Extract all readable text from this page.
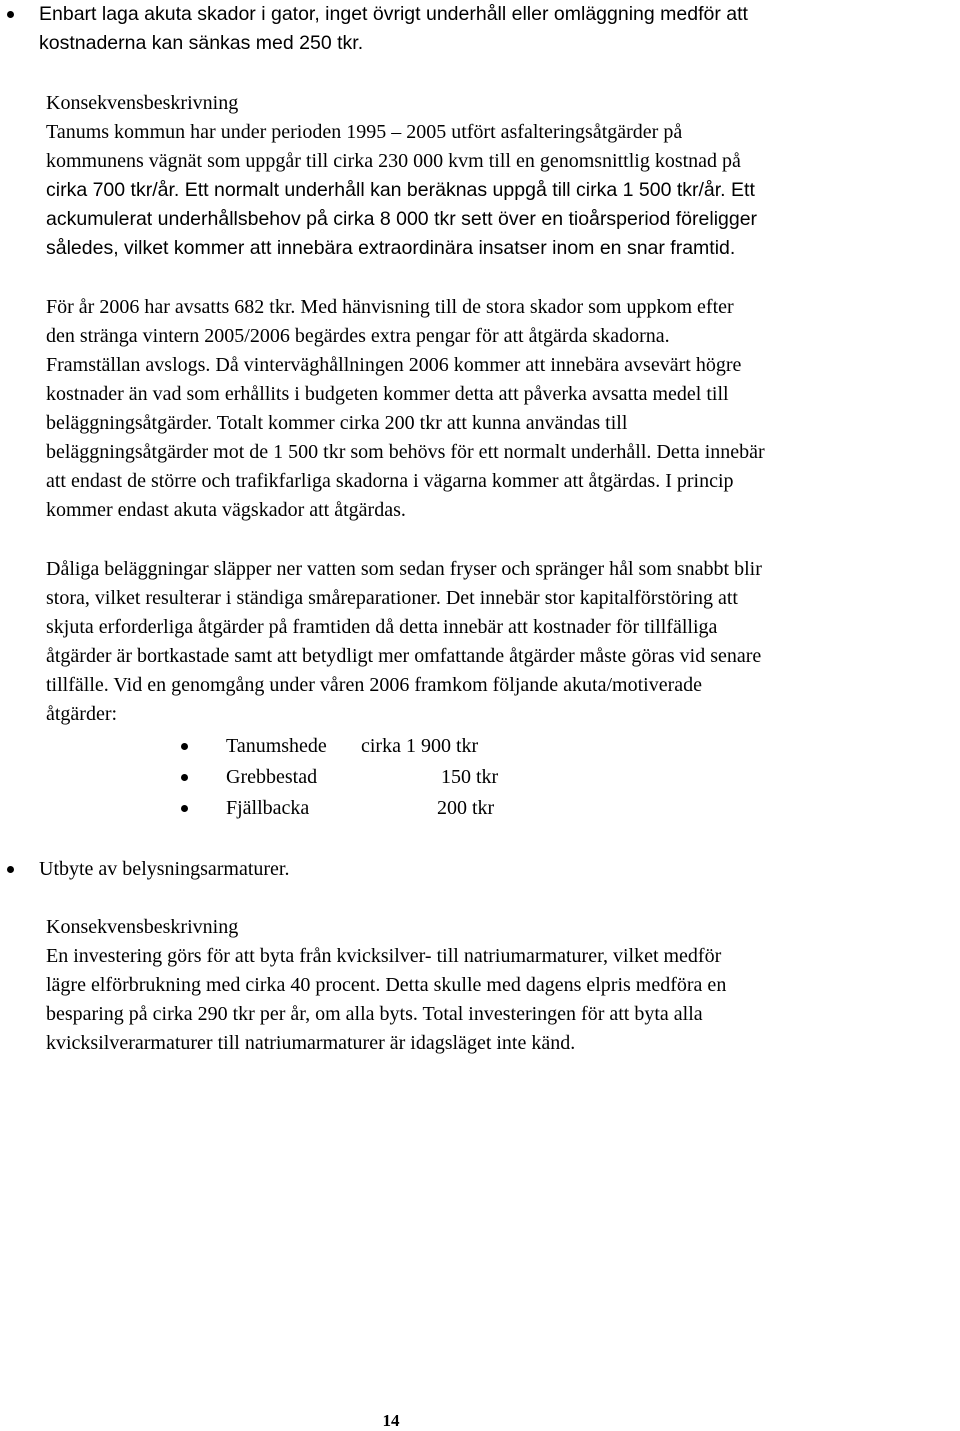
Enbart laga akuta skador i gator, inget övrigt underhåll eller omläggning medför att
kostnaderna kan sänkas med 250 tkr.
Konsekvensbeskrivning
Tanums kommun har under perioden 1995 – 2005 utfört asfalteringsåtgärder på
kommunens vägnät som uppgår till cirka 230 000 kvm till en genomsnittlig kostnad på
cirka 700 tkr/år. Ett normalt underhåll kan beräknas uppgå till cirka 1 500 tkr/år. Ett
ackumulerat underhållsbehov på cirka 8 000 tkr sett över en tioårsperiod föreligger
således, vilket kommer att innebära extraordinära insatser inom en snar framtid.
För år 2006 har avsatts 682 tkr. Med hänvisning till de stora skador som uppkom efter
den stränga vintern 2005/2006 begärdes extra pengar för att åtgärda skadorna.
Framställan avslogs. Då vinterväghållningen 2006 kommer att innebära avsevärt högre
kostnader än vad som erhållits i budgeten kommer detta att påverka avsatta medel till
beläggningsåtgärder. Totalt kommer cirka 200 tkr att kunna användas till
beläggningsåtgärder mot de 1 500 tkr som behövs för ett normalt underhåll. Detta innebär
att endast de större och trafikfarliga skadorna i vägarna kommer att åtgärdas. I princip
kommer endast akuta vägskador att åtgärdas.
Dåliga beläggningar släpper ner vatten som sedan fryser och spränger hål som snabbt blir
stora, vilket resulterar i ständiga småreparationer. Det innebär stor kapitalförstöring att
skjuta erforderliga åtgärder på framtiden då detta innebär att kostnader för tillfälliga
åtgärder är bortkastade samt att betydligt mer omfattande åtgärder måste göras vid senare
tillfälle. Vid en genomgång under våren 2006 framkom följande akuta/motiverade
åtgärder:
Tanumshede cirka 1 900 tkr
Grebbestad	150 tkr
Fjällbacka	200 tkr
Utbyte av belysningsarmaturer.
Konsekvensbeskrivning
En investering görs för att byta från kvicksilver- till natriumarmaturer, vilket medför
lägre elförbrukning med cirka 40 procent. Detta skulle med dagens elpris medföra en
besparing på cirka 290 tkr per år, om alla byts. Total investeringen för att byta alla
kvicksilverarmaturer till natriumarmaturer är idagsläget inte känd.
14
